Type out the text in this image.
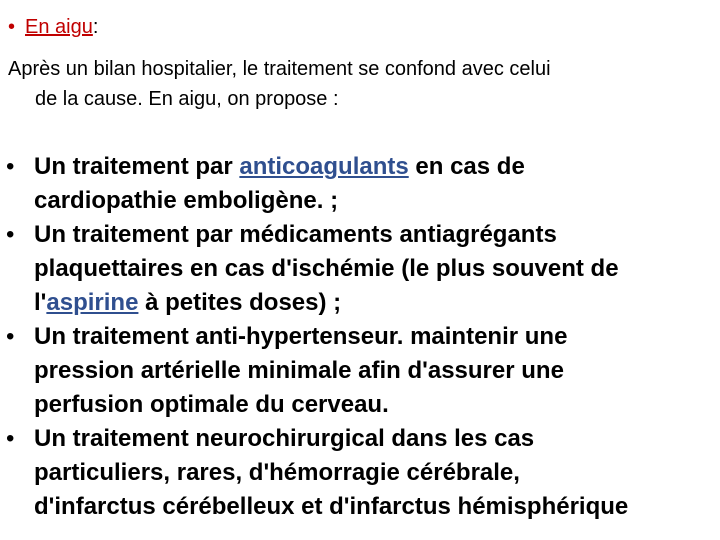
• En aigu:
Après un bilan hospitalier, le traitement se confond avec celui
de la cause. En aigu, on propose :
• Un traitement par anticoagulants en cas de
cardiopathie emboligène. ;
• Un traitement par médicaments antiagrégants
plaquettaires en cas d'ischémie (le plus souvent de
l'aspirine à petites doses) ;
• Un traitement anti-hypertenseur. maintenir une
pression artérielle minimale afin d'assurer une
perfusion optimale du cerveau.
• Un traitement neurochirurgical dans les cas
particuliers, rares, d'hémorragie cérébrale,
d'infarctus cérébelleux et d'infarctus hémisphérique
